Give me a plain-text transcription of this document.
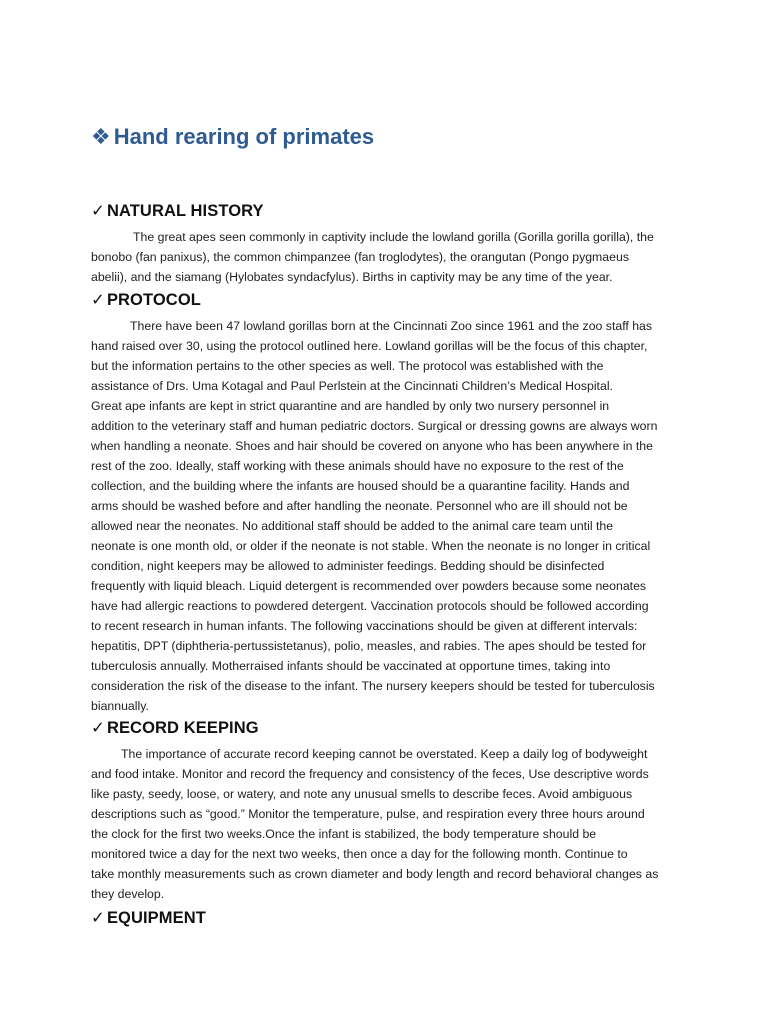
❖ Hand rearing of primates
✓ NATURAL HISTORY
The great apes seen commonly in captivity include the lowland gorilla (Gorilla gorilla gorilla), the
bonobo (fan panixus), the common chimpanzee (fan troglodytes), the orangutan (Pongo pygmaeus
abelii), and the siamang (Hylobates syndacfylus). Births in captivity may be any time of the year.
✓ PROTOCOL
There have been 47 lowland gorillas born at the Cincinnati Zoo since 1961 and the zoo staff has
hand raised over 30, using the protocol outlined here. Lowland gorillas will be the focus of this chapter,
but the information pertains to the other species as well. The protocol was established with the
assistance of Drs. Uma Kotagal and Paul Perlstein at the Cincinnati Children’s Medical Hospital.
Great ape infants are kept in strict quarantine and are handled by only two nursery personnel in
addition to the veterinary staff and human pediatric doctors. Surgical or dressing gowns are always worn
when handling a neonate. Shoes and hair should be covered on anyone who has been anywhere in the
rest of the zoo. Ideally, staff working with these animals should have no exposure to the rest of the
collection, and the building where the infants are housed should be a quarantine facility. Hands and
arms should be washed before and after handling the neonate. Personnel who are ill should not be
allowed near the neonates. No additional staff should be added to the animal care team until the
neonate is one month old, or older if the neonate is not stable. When the neonate is no longer in critical
condition, night keepers may be allowed to administer feedings. Bedding should be disinfected
frequently with liquid bleach. Liquid detergent is recommended over powders because some neonates
have had allergic reactions to powdered detergent. Vaccination protocols should be followed according
to recent research in human infants. The following vaccinations should be given at different intervals:
hepatitis, DPT (diphtheria-pertussistetanus), polio, measles, and rabies. The apes should be tested for
tuberculosis annually. Motherraised infants should be vaccinated at opportune times, taking into
consideration the risk of the disease to the infant. The nursery keepers should be tested for tuberculosis
biannually.
✓ RECORD KEEPING
The importance of accurate record keeping cannot be overstated. Keep a daily log of bodyweight
and food intake. Monitor and record the frequency and consistency of the feces, Use descriptive words
like pasty, seedy, loose, or watery, and note any unusual smells to describe feces. Avoid ambiguous
descriptions such as “good.” Monitor the temperature, pulse, and respiration every three hours around
the clock for the first two weeks.Once the infant is stabilized, the body temperature should be
monitored twice a day for the next two weeks, then once a day for the following month. Continue to
take monthly measurements such as crown diameter and body length and record behavioral changes as
they develop.
✓ EQUIPMENT
